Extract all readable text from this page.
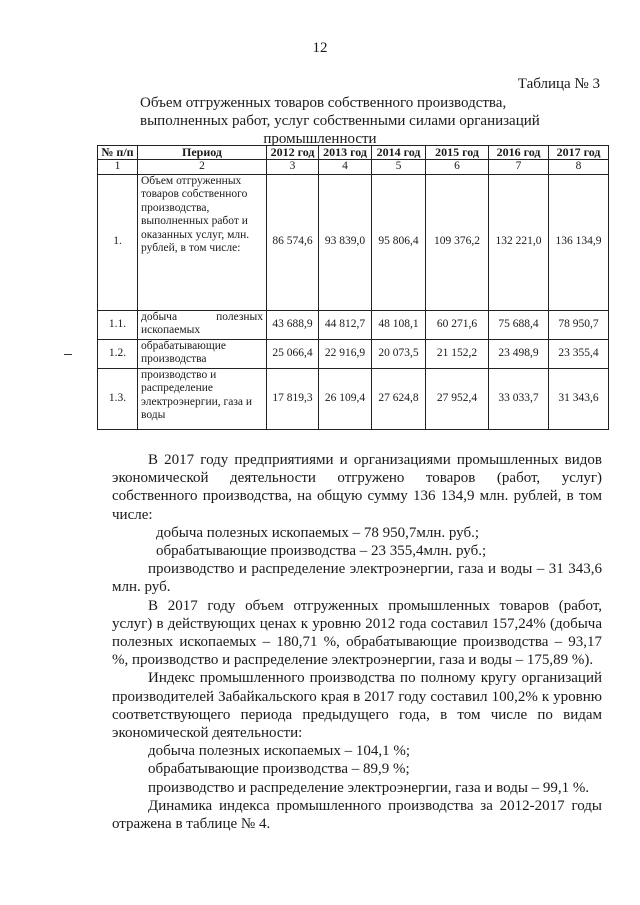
12
Таблица № 3
Объем отгруженных товаров собственного производства,
выполненных работ, услуг собственными силами организаций
промышленности
№ п/п	Период	2012 год	2013 год	2014 год	2015 год	2016 год	2017 год
1	2	3	4	5	6	7	8
1.	Объем отгруженных товаров собственного производства, выполненных работ и оказанных услуг, млн. рублей, в том числе:	86 574,6	93 839,0	95 806,4	109 376,2	132 221,0	136 134,9
1.1.	добыча полезных ископаемых	43 688,9	44 812,7	48 108,1	60 271,6	75 688,4	78 950,7
1.2.	обрабатывающие производства	25 066,4	22 916,9	20 073,5	21 152,2	23 498,9	23 355,4
1.3.	производство и распределение электроэнергии, газа и воды	17 819,3	26 109,4	27 624,8	27 952,4	33 033,7	31 343,6

В 2017 году предприятиями и организациями промышленных видов экономической деятельности отгружено товаров (работ, услуг) собственного производства, на общую сумму 136 134,9 млн. рублей, в том числе:

добыча полезных ископаемых – 78 950,7млн. руб.;

обрабатывающие производства – 23 355,4млн. руб.;

производство и распределение электроэнергии, газа и воды – 31 343,6 млн. руб.

В 2017 году объем отгруженных промышленных товаров (работ, услуг) в действующих ценах к уровню 2012 года составил 157,24% (добыча полезных ископаемых – 180,71 %, обрабатывающие производства – 93,17 %, производство и распределение электроэнергии, газа и воды – 175,89 %).

Индекс промышленного производства по полному кругу организаций производителей Забайкальского края в 2017 году составил 100,2% к уровню соответствующего периода предыдущего года, в том числе по видам экономической деятельности:

добыча полезных ископаемых – 104,1 %;

обрабатывающие производства – 89,9 %;

производство и распределение электроэнергии, газа и воды – 99,1 %.

Динамика индекса промышленного производства за 2012-2017 годы отражена в таблице № 4.
